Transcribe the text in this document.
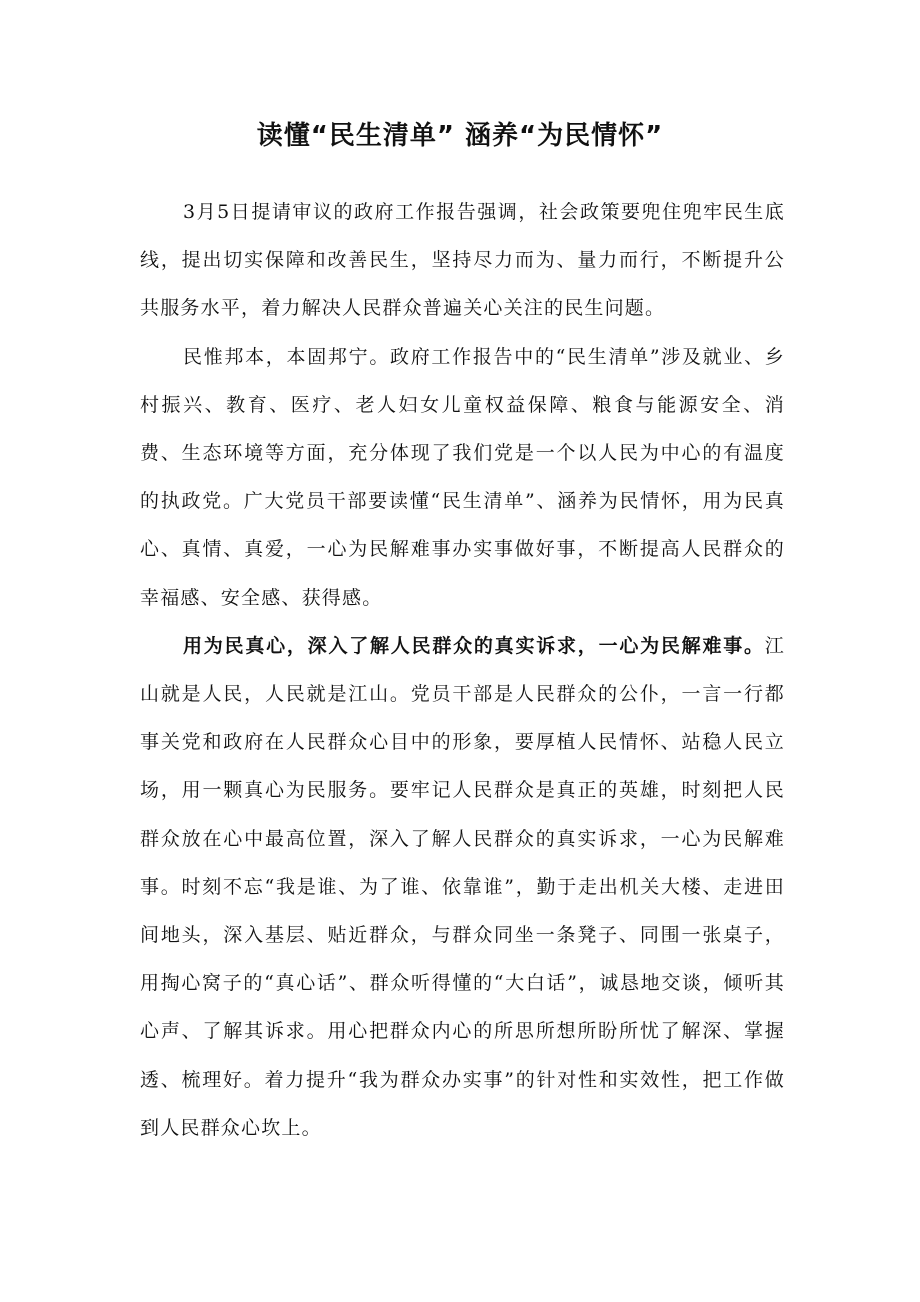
读懂“民生清单” 涵养“为民情怀”

3月5日提请审议的政府工作报告强调，社会政策要兜住兜牢民生底线，提出切实保障和改善民生，坚持尽力而为、量力而行，不断提升公共服务水平，着力解决人民群众普遍关心关注的民生问题。

民惟邦本，本固邦宁。政府工作报告中的“民生清单”涉及就业、乡村振兴、教育、医疗、老人妇女儿童权益保障、粮食与能源安全、消费、生态环境等方面，充分体现了我们党是一个以人民为中心的有温度的执政党。广大党员干部要读懂“民生清单”、涵养为民情怀，用为民真心、真情、真爱，一心为民解难事办实事做好事，不断提高人民群众的幸福感、安全感、获得感。

用为民真心，深入了解人民群众的真实诉求，一心为民解难事。江山就是人民，人民就是江山。党员干部是人民群众的公仆，一言一行都事关党和政府在人民群众心目中的形象，要厚植人民情怀、站稳人民立场，用一颗真心为民服务。要牢记人民群众是真正的英雄，时刻把人民群众放在心中最高位置，深入了解人民群众的真实诉求，一心为民解难事。时刻不忘“我是谁、为了谁、依靠谁”，勤于走出机关大楼、走进田间地头，深入基层、贴近群众，与群众同坐一条凳子、同围一张桌子，用掏心窝子的“真心话”、群众听得懂的“大白话”，诚恳地交谈，倾听其心声、了解其诉求。用心把群众内心的所思所想所盼所忧了解深、掌握透、梳理好。着力提升“我为群众办实事”的针对性和实效性，把工作做到人民群众心坎上。
